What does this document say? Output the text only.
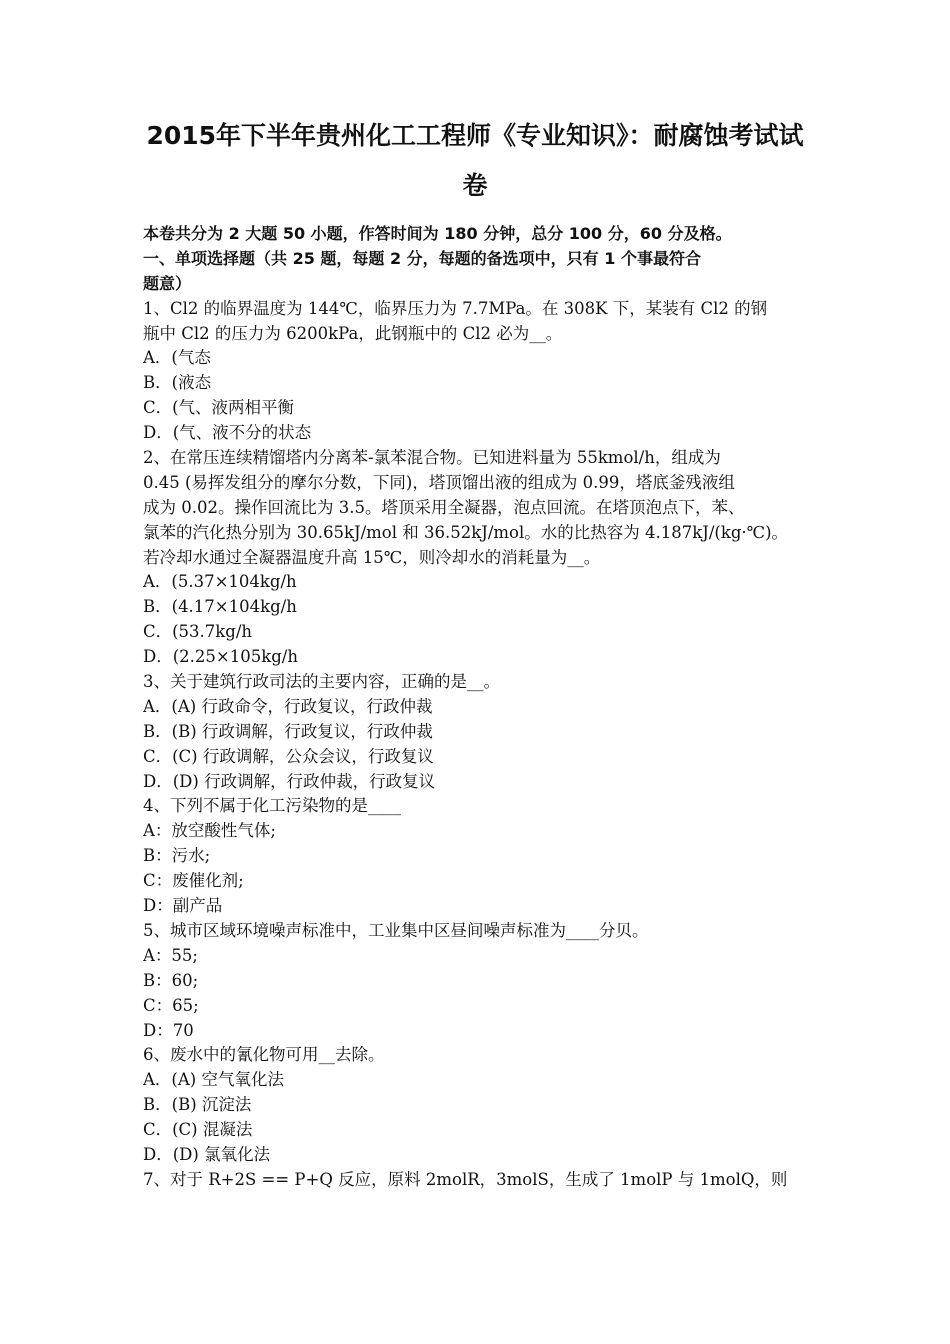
2015年下半年贵州化工工程师《专业知识》：耐腐蚀考试试
卷
本卷共分为 2 大题 50 小题，作答时间为 180 分钟，总分 100 分，60 分及格。
一、单项选择题（共 25 题，每题 2 分，每题的备选项中，只有 1 个事最符合
题意）
1、Cl2 的临界温度为 144℃，临界压力为 7.7MPa。在 308K 下，某装有 Cl2 的钢
瓶中 Cl2 的压力为 6200kPa，此钢瓶中的 Cl2 必为__。
A．(气态
B．(液态
C．(气、液两相平衡
D．(气、液不分的状态
2、在常压连续精馏塔内分离苯-氯苯混合物。已知进料量为 55kmol/h，组成为
0.45 (易挥发组分的摩尔分数，下同)，塔顶馏出液的组成为 0.99，塔底釜残液组
成为 0.02。操作回流比为 3.5。塔顶采用全凝器，泡点回流。在塔顶泡点下，苯、
氯苯的汽化热分别为 30.65kJ/mol 和 36.52kJ/mol。水的比热容为 4.187kJ/(kg·℃)。
若冷却水通过全凝器温度升高 15℃，则冷却水的消耗量为__。
A．(5.37×104kg/h
B．(4.17×104kg/h
C．(53.7kg/h
D．(2.25×105kg/h
3、关于建筑行政司法的主要内容，正确的是__。
A．(A) 行政命令，行政复议，行政仲裁
B．(B) 行政调解，行政复议，行政仲裁
C．(C) 行政调解，公众会议，行政复议
D．(D) 行政调解，行政仲裁，行政复议
4、下列不属于化工污染物的是____
A：放空酸性气体;
B：污水;
C：废催化剂;
D：副产品
5、城市区域环境噪声标准中，工业集中区昼间噪声标准为____分贝。
A：55;
B：60;
C：65;
D：70
6、废水中的氰化物可用__去除。
A．(A) 空气氧化法
B．(B) 沉淀法
C．(C) 混凝法
D．(D) 氯氧化法
7、对于 R+2S == P+Q 反应，原料 2molR，3molS，生成了 1molP 与 1molQ，则
